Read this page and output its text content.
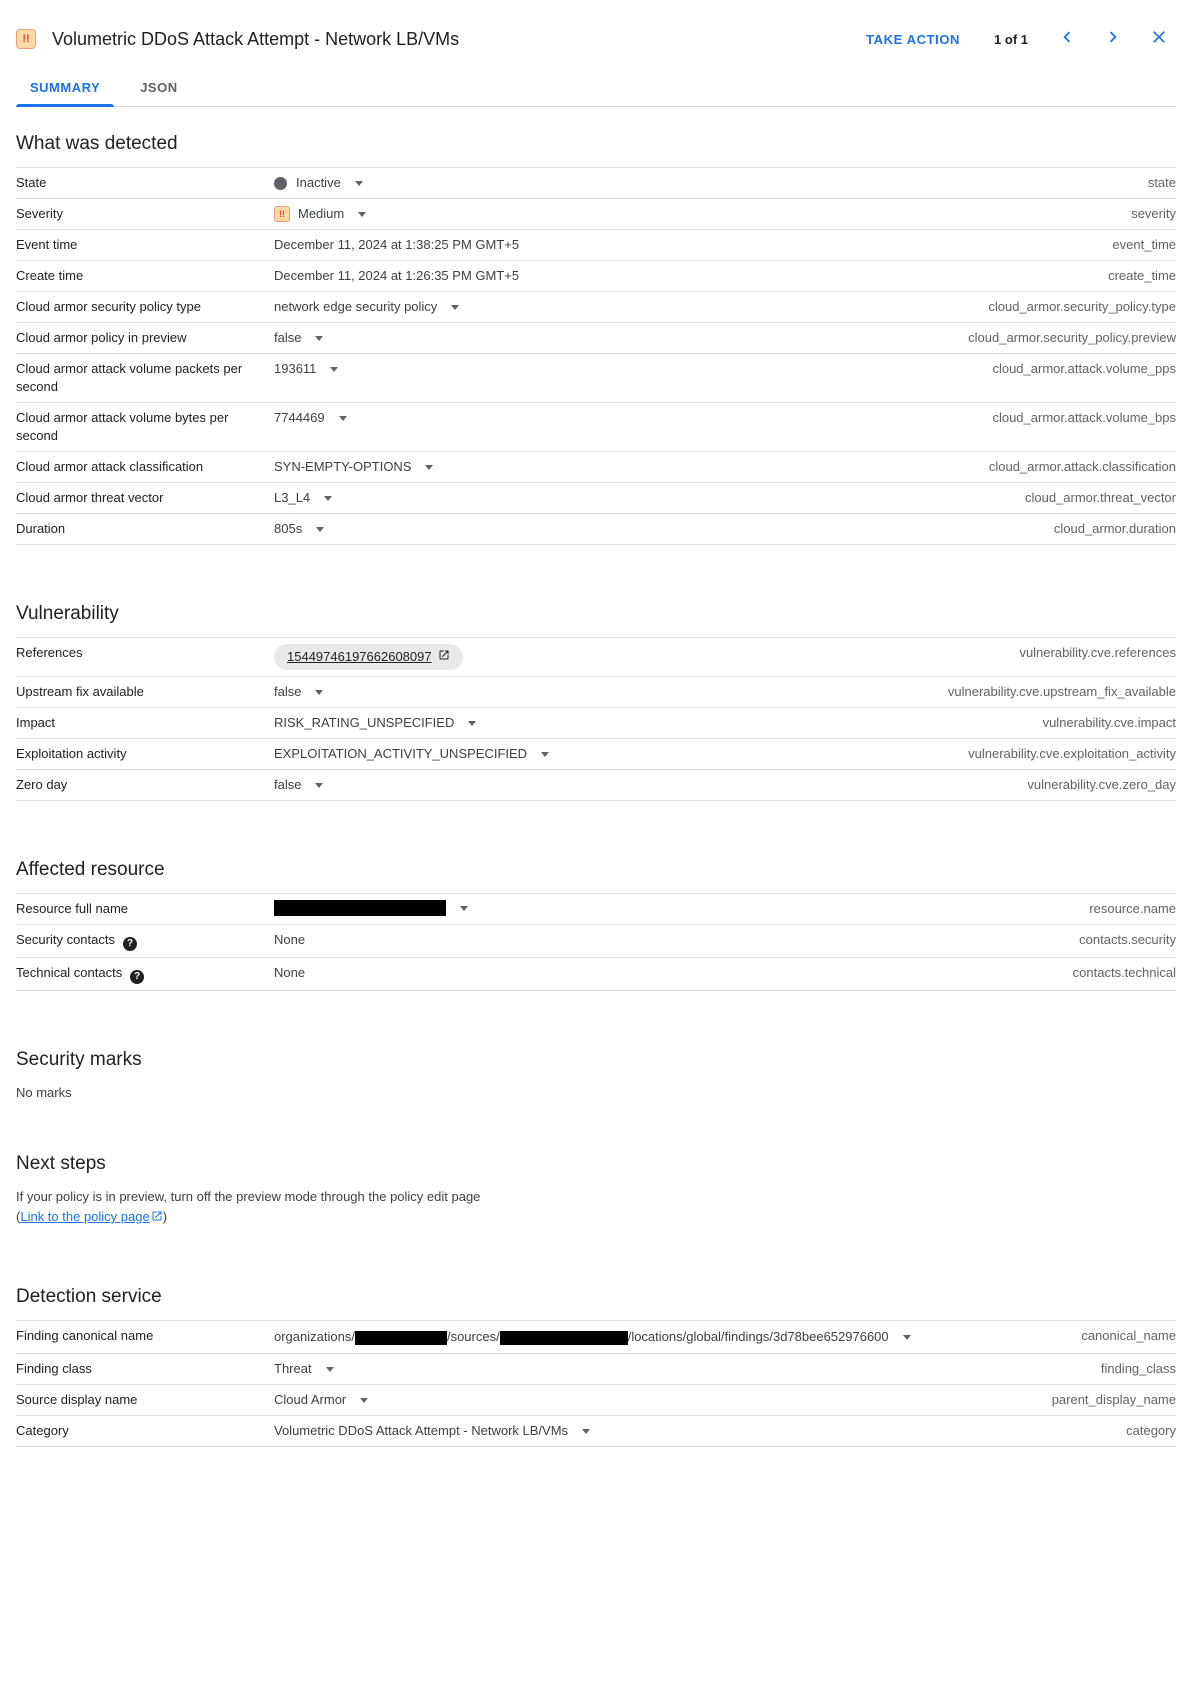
!!	Volumetric DDoS Attack Attempt - Network LB/VMs	TAKE ACTION	1 of 1
SUMMARY	JSON
What was detected
State	Inactive	state
Severity	!!	Medium	severity
Event time	December 11, 2024 at 1:38:25 PM GMT+5	event_time
Create time	December 11, 2024 at 1:26:35 PM GMT+5	create_time
Cloud armor security policy type	network edge security policy	cloud_armor.security_policy.type
Cloud armor policy in preview	false	cloud_armor.security_policy.preview
Cloud armor attack volume packets per second
193611	cloud_armor.attack.volume_pps
Cloud armor attack volume bytes per second
7744469	cloud_armor.attack.volume_bps
Cloud armor attack classification	SYN-EMPTY-OPTIONS	cloud_armor.attack.classification
Cloud armor threat vector	L3_L4	cloud_armor.threat_vector
Duration	805s	cloud_armor.duration
Vulnerability
References	15449746197662608097	vulnerability.cve.references
Upstream fix available	false	vulnerability.cve.upstream_fix_available
Impact	RISK_RATING_UNSPECIFIED	vulnerability.cve.impact
Exploitation activity	EXPLOITATION_ACTIVITY_UNSPECIFIED	vulnerability.cve.exploitation_activity
Zero day	false	vulnerability.cve.zero_day
Affected resource
Resource full name	resource.name
Security contacts ?	None	contacts.security
Technical contacts ?	None	contacts.technical
Security marks
No marks
Next steps
If your policy is in preview, turn off the preview mode through the policy edit page (Link to the policy page )
Detection service
Finding canonical name	organizations/	/sources/	/locations/global/findings/3d78bee652976600	canonical_name
Finding class	Threat	finding_class
Source display name	Cloud Armor	parent_display_name
Category	Volumetric DDoS Attack Attempt - Network LB/VMs	category
